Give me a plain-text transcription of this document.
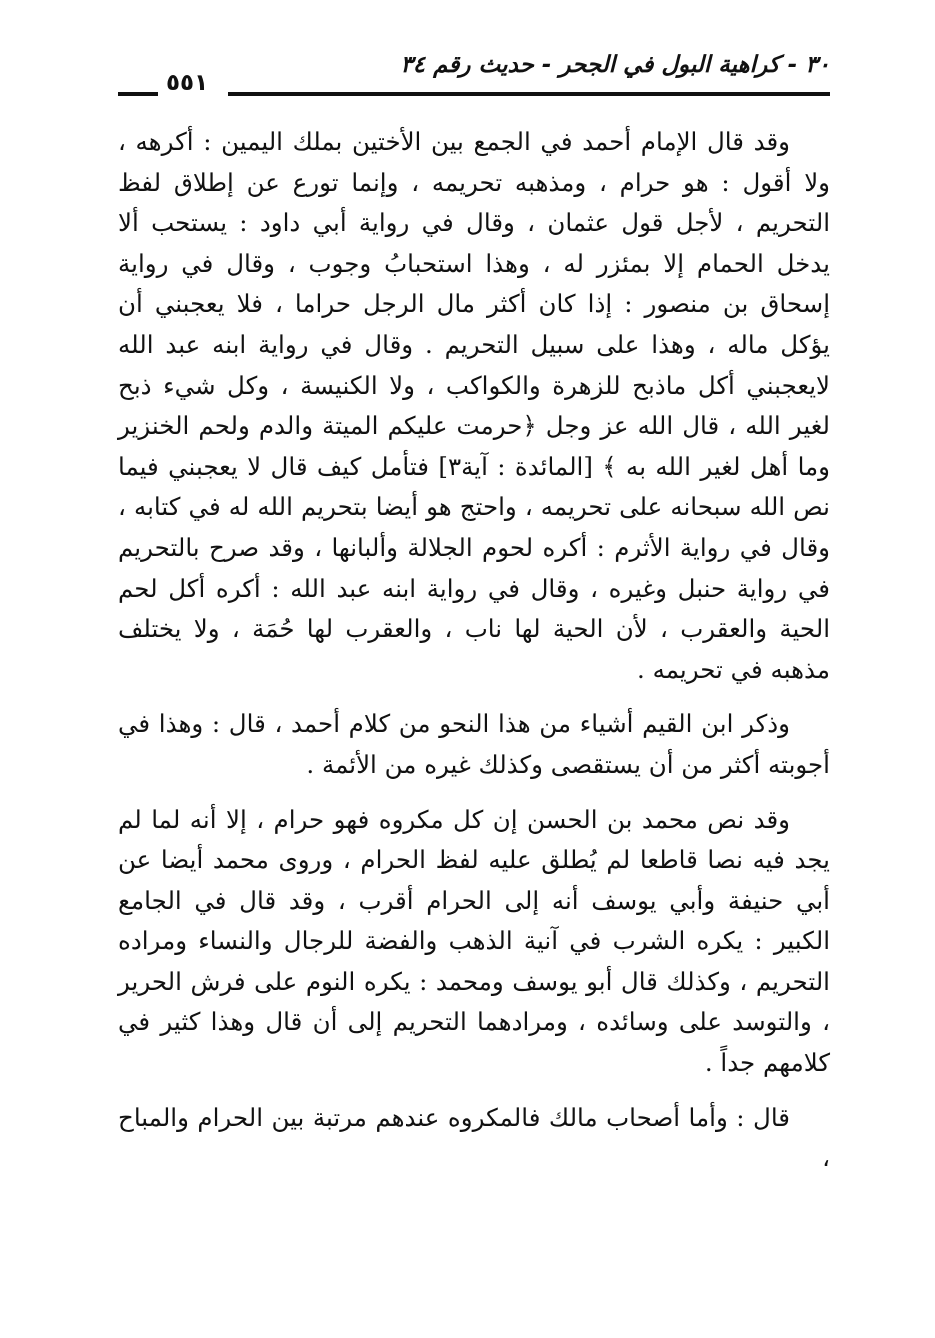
٣٠ - كراهية البول في الجحر - حديث رقم ٣٤
٥٥١

وقد قال الإمام أحمد في الجمع بين الأختين بملك اليمين : أكرهه ، ولا أقول : هو حرام ، ومذهبه تحريمه ، وإنما تورع عن إطلاق لفظ التحريم ، لأجل قول عثمان ، وقال في رواية أبي داود : يستحب ألا يدخل الحمام إلا بمئزر له ، وهذا استحبابُ وجوب ، وقال في رواية إسحاق بن منصور : إذا كان أكثر مال الرجل حراما ، فلا يعجبني أن يؤكل ماله ، وهذا على سبيل التحريم . وقال في رواية ابنه عبد الله لايعجبني أكل ماذبح للزهرة والكواكب ، ولا الكنيسة ، وكل شيء ذبح لغير الله ، قال الله عز وجل ﴿حرمت عليكم الميتة والدم ولحم الخنزير وما أهل لغير الله به ﴾ [المائدة : آية٣] فتأمل كيف قال لا يعجبني فيما نص الله سبحانه على تحريمه ، واحتج هو أيضا بتحريم الله له في كتابه ، وقال في رواية الأثرم : أكره لحوم الجلالة وألبانها ، وقد صرح بالتحريم في رواية حنبل وغيره ، وقال في رواية ابنه عبد الله : أكره أكل لحم الحية والعقرب ، لأن الحية لها ناب ، والعقرب لها حُمَة ، ولا يختلف مذهبه في تحريمه .

وذكر ابن القيم أشياء من هذا النحو من كلام أحمد ، قال : وهذا في أجوبته أكثر من أن يستقصى وكذلك غيره من الأئمة .

وقد نص محمد بن الحسن إن كل مكروه فهو حرام ، إلا أنه لما لم يجد فيه نصا قاطعا لم يُطلق عليه لفظ الحرام ، وروى محمد أيضا عن أبي حنيفة وأبي يوسف أنه إلى الحرام أقرب ، وقد قال في الجامع الكبير : يكره الشرب في آنية الذهب والفضة للرجال والنساء ومراده التحريم ، وكذلك قال أبو يوسف ومحمد : يكره النوم على فرش الحرير ، والتوسد على وسائده ، ومرادهما التحريم إلى أن قال وهذا كثير في كلامهم جداً .

قال : وأما أصحاب مالك فالمكروه عندهم مرتبة بين الحرام والمباح ،
